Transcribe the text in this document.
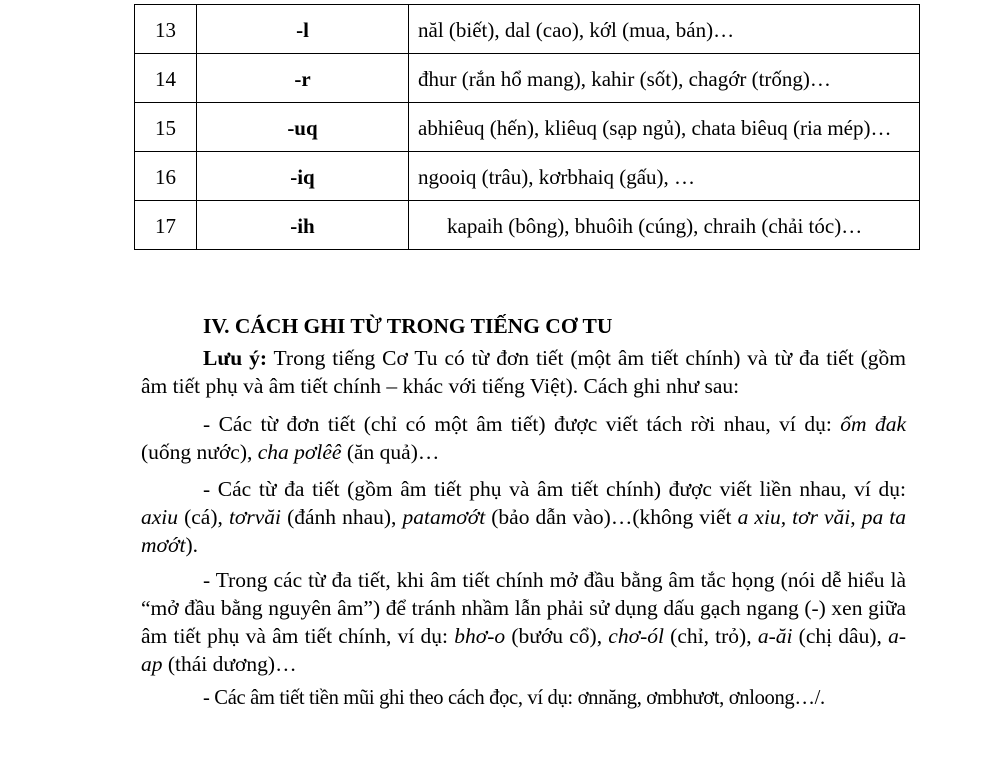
13	-l	năl (biết), dal (cao), kớl (mua, bán)…
14	-r	đhur (rắn hổ mang), kahir (sốt), chagớr (trống)…
15	-uq	abhiêuq (hến), kliêuq (sạp ngủ), chata biêuq (ria mép)…
16	-iq	ngooiq (trâu), kơrbhaiq (gấu), …
17	-ih	kapaih (bông), bhuôih (cúng), chraih (chải tóc)…
IV. CÁCH GHI TỪ TRONG TIẾNG CƠ TU

Lưu ý: Trong tiếng Cơ Tu có từ đơn tiết (một âm tiết chính) và từ đa tiết (gồm âm tiết phụ và âm tiết chính – khác với tiếng Việt). Cách ghi như sau:

- Các từ đơn tiết (chỉ có một âm tiết) được viết tách rời nhau, ví dụ: ốm đak (uống nước), cha pơlêê (ăn quả)…

- Các từ đa tiết (gồm âm tiết phụ và âm tiết chính) được viết liền nhau, ví dụ: axiu (cá), tơrvăi (đánh nhau), patamơớt (bảo dẫn vào)…(không viết a xiu, tơr văi, pa ta mơớt).

- Trong các từ đa tiết, khi âm tiết chính mở đầu bằng âm tắc họng (nói dễ hiểu là “mở đầu bằng nguyên âm”) để tránh nhầm lẫn phải sử dụng dấu gạch ngang (-) xen giữa âm tiết phụ và âm tiết chính, ví dụ: bhơ-o (bướu cổ), chơ-ól (chỉ, trỏ), a-ăi (chị dâu), a-ap (thái dương)…

- Các âm tiết tiền mũi ghi theo cách đọc, ví dụ: ơnnăng, ơmbhươt, ơnloong…/.
